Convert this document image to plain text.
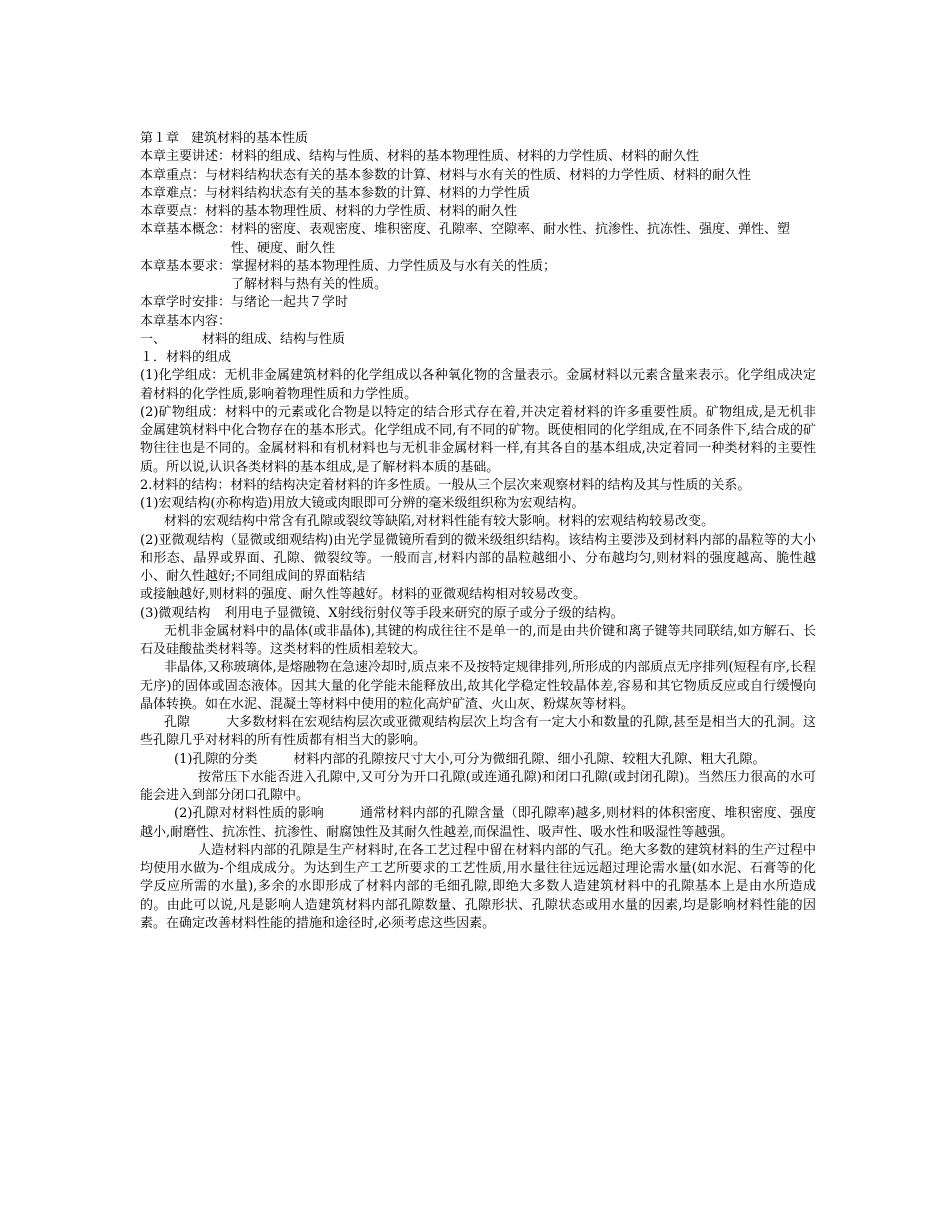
第１章 建筑材料的基本性质

本章主要讲述： 材料的组成、结构与性质、材料的基本物理性质、材料的力学性质、材料的耐久性
本章重点： 与材料结构状态有关的基本参数的计算、材料与水有关的性质、材料的力学性质、材料的耐久性
本章难点： 与材料结构状态有关的基本参数的计算、材料的力学性质
本章要点： 材料的基本物理性质、材料的力学性质、材料的耐久性
本章基本概念： 材料的密度、表观密度、堆积密度、孔隙率、空隙率、耐水性、抗渗性、抗冻性、强度、弹性、塑性、硬度、耐久性
本章基本要求： 掌握材料的基本物理性质、力学性质及与水有关的性质；
了解材料与热有关的性质。
本章学时安排： 与绪论一起共７学时

本章基本内容：

一、	材料的组成、结构与性质

１．材料的组成

(1)化学组成：无机非金属建筑材料的化学组成以各种氧化物的含量表示。金属材料以元素含量来表示。化学组成决定着材料的化学性质,影响着物理性质和力学性质。

(2)矿物组成：材料中的元素或化合物是以特定的结合形式存在着,并决定着材料的许多重要性质。矿物组成,是无机非金属建筑材料中化合物存在的基本形式。化学组成不同,有不同的矿物。既使相同的化学组成,在不同条件下,结合成的矿物往往也是不同的。金属材料和有机材料也与无机非金属材料一样,有其各自的基本组成,决定着同一种类材料的主要性质。所以说,认识各类材料的基本组成,是了解材料本质的基础。

2.材料的结构：材料的结构决定着材料的许多性质。一般从三个层次来观察材料的结构及其与性质的关系。

(1)宏观结构(亦称构造)用放大镜或肉眼即可分辨的毫米级组织称为宏观结构。

材料的宏观结构中常含有孔隙或裂纹等缺陷,对材料性能有较大影响。材料的宏观结构较易改变。

(2)亚微观结构（显微或细观结构)由光学显微镜所看到的微米级组织结构。该结构主要涉及到材料内部的晶粒等的大小和形态、晶界或界面、孔隙、微裂纹等。一般而言,材料内部的晶粒越细小、分布越均匀,则材料的强度越高、脆性越小、耐久性越好;不同组成间的界面粘结

或接触越好,则材料的强度、耐久性等越好。材料的亚微观结构相对较易改变。

(3)微观结构 利用电子显微镜、X射线衍射仪等手段来研究的原子或分子级的结构。

无机非金属材料中的晶体(或非晶体),其键的构成往往不是单一的,而是由共价键和离子键等共同联结,如方解石、长石及硅酸盐类材料等。这类材料的性质相差较大。

非晶体,又称玻璃体,是熔融物在急速冷却时,质点来不及按特定规律排列,所形成的内部质点无序排列(短程有序,长程无序)的固体或固态液体。因其大量的化学能未能释放出,故其化学稳定性较晶体差,容易和其它物质反应或自行缓慢向晶体转换。如在水泥、混凝土等材料中使用的粒化高炉矿渣、火山灰、粉煤灰等材料。

孔隙	大多数材料在宏观结构层次或亚微观结构层次上均含有一定大小和数量的孔隙,甚至是相当大的孔洞。这些孔隙几乎对材料的所有性质都有相当大的影响。

(1)孔隙的分类	材料内部的孔隙按尺寸大小,可分为微细孔隙、细小孔隙、较粗大孔隙、粗大孔隙。

按常压下水能否进入孔隙中,又可分为开口孔隙(或连通孔隙)和闭口孔隙(或封闭孔隙)。当然压力很高的水可能会进入到部分闭口孔隙中。

(2)孔隙对材料性质的影响	通常材料内部的孔隙含量（即孔隙率)越多,则材料的体积密度、堆积密度、强度越小,耐磨性、抗冻性、抗渗性、耐腐蚀性及其耐久性越差,而保温性、吸声性、吸水性和吸湿性等越强。

人造材料内部的孔隙是生产材料时,在各工艺过程中留在材料内部的气孔。绝大多数的建筑材料的生产过程中均使用水做为-个组成成分。为达到生产工艺所要求的工艺性质,用水量往往远远超过理论需水量(如水泥、石膏等的化学反应所需的水量),多余的水即形成了材料内部的毛细孔隙,即绝大多数人造建筑材料中的孔隙基本上是由水所造成的。由此可以说,凡是影响人造建筑材料内部孔隙数量、孔隙形状、孔隙状态或用水量的因素,均是影响材料性能的因素。在确定改善材料性能的措施和途径时,必须考虑这些因素。
